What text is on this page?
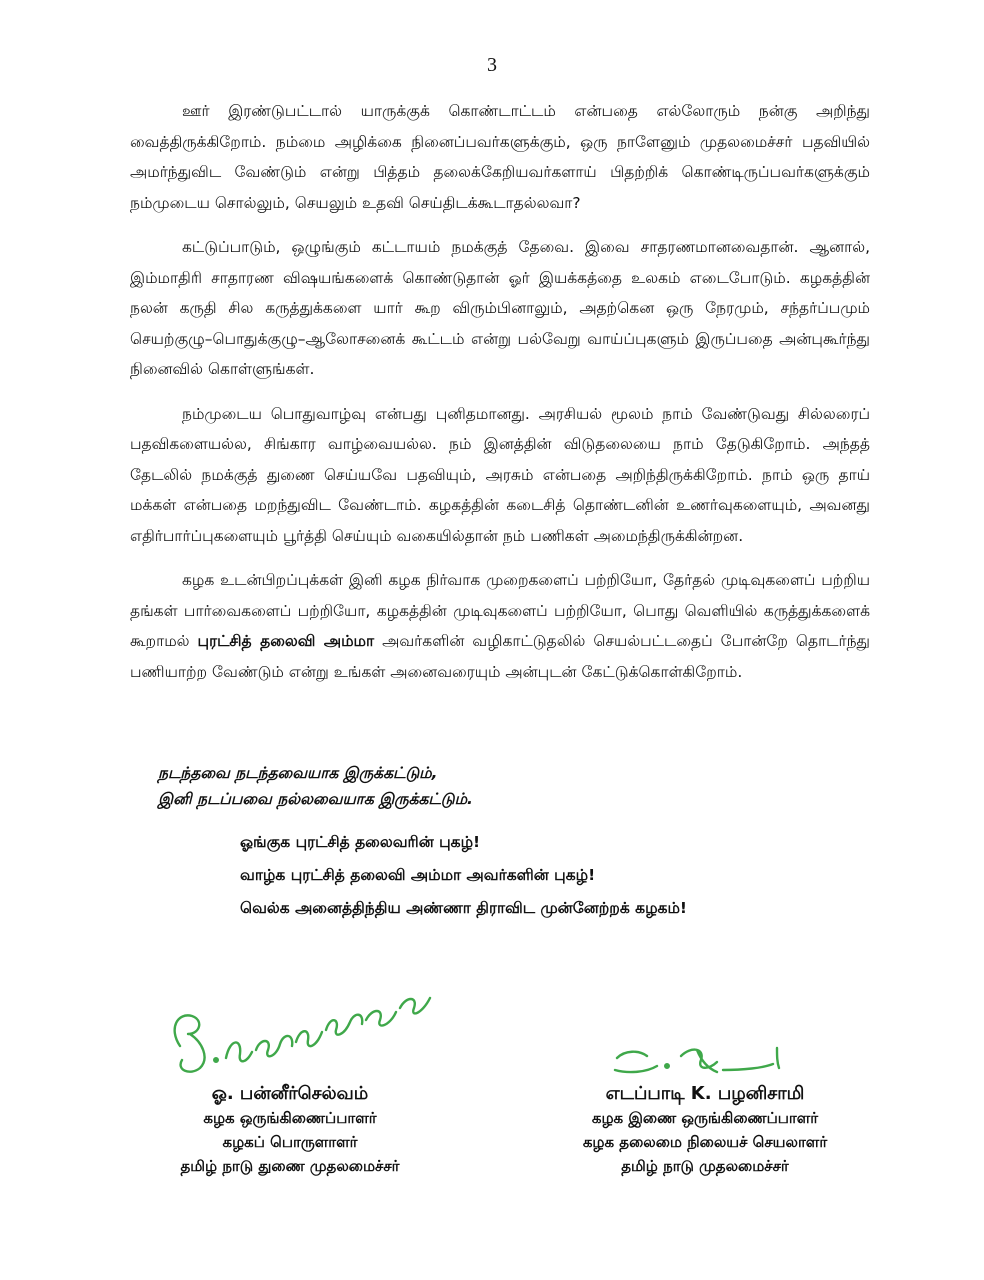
3

ஊர் இரண்டுபட்டால் யாருக்குக் கொண்டாட்டம் என்பதை எல்லோரும் நன்கு அறிந்து வைத்திருக்கிறோம். நம்மை அழிக்கை நினைப்பவர்களுக்கும், ஒரு நாளேனும் முதலமைச்சர் பதவியில் அமர்ந்துவிட வேண்டும் என்று பித்தம் தலைக்கேறியவர்களாய் பிதற்றிக் கொண்டிருப்பவர்களுக்கும் நம்முடைய சொல்லும், செயலும் உதவி செய்திடக்கூடாதல்லவா?

கட்டுப்பாடும், ஒழுங்கும் கட்டாயம் நமக்குத் தேவை. இவை சாதரணமானவைதான். ஆனால், இம்மாதிரி சாதாரண விஷயங்களைக் கொண்டுதான் ஓர் இயக்கத்தை உலகம் எடைபோடும். கழகத்தின் நலன் கருதி சில கருத்துக்களை யார் கூற விரும்பினாலும், அதற்கென ஒரு நேரமும், சந்தர்ப்பமும் செயற்குழு–பொதுக்குழு–ஆலோசனைக் கூட்டம் என்று பல்வேறு வாய்ப்புகளும் இருப்பதை அன்புகூர்ந்து நினைவில் கொள்ளுங்கள்.

நம்முடைய பொதுவாழ்வு என்பது புனிதமானது. அரசியல் மூலம் நாம் வேண்டுவது சில்லரைப் பதவிகளையல்ல, சிங்கார வாழ்வையல்ல. நம் இனத்தின் விடுதலையை நாம் தேடுகிறோம். அந்தத் தேடலில் நமக்குத் துணை செய்யவே பதவியும், அரசும் என்பதை அறிந்திருக்கிறோம். நாம் ஒரு தாய் மக்கள் என்பதை மறந்துவிட வேண்டாம். கழகத்தின் கடைசித் தொண்டனின் உணர்வுகளையும், அவனது எதிர்பார்ப்புகளையும் பூர்த்தி செய்யும் வகையில்தான் நம் பணிகள் அமைந்திருக்கின்றன.

கழக உடன்பிறப்புக்கள் இனி கழக நிர்வாக முறைகளைப் பற்றியோ, தேர்தல் முடிவுகளைப் பற்றிய தங்கள் பார்வைகளைப் பற்றியோ, கழகத்தின் முடிவுகளைப் பற்றியோ, பொது வெளியில் கருத்துக்களைக் கூறாமல் புரட்சித் தலைவி அம்மா அவர்களின் வழிகாட்டுதலில் செயல்பட்டதைப் போன்றே தொடர்ந்து பணியாற்ற வேண்டும் என்று உங்கள் அனைவரையும் அன்புடன் கேட்டுக்கொள்கிறோம்.

நடந்தவை நடந்தவையாக இருக்கட்டும்,
இனி நடப்பவை நல்லவையாக இருக்கட்டும்.
ஓங்குக புரட்சித் தலைவரின் புகழ்!
வாழ்க புரட்சித் தலைவி அம்மா அவர்களின் புகழ்!
வெல்க அனைத்திந்திய அண்ணா திராவிட முன்னேற்றக் கழகம்!
ஓ. பன்னீர்செல்வம்
கழக ஒருங்கிணைப்பாளர்
கழகப் பொருளாளர்
தமிழ் நாடு துணை முதலமைச்சர்
எடப்பாடி K. பழனிசாமி
கழக இணை ஒருங்கிணைப்பாளர்
கழக தலைமை நிலையச் செயலாளர்
தமிழ் நாடு முதலமைச்சர்
